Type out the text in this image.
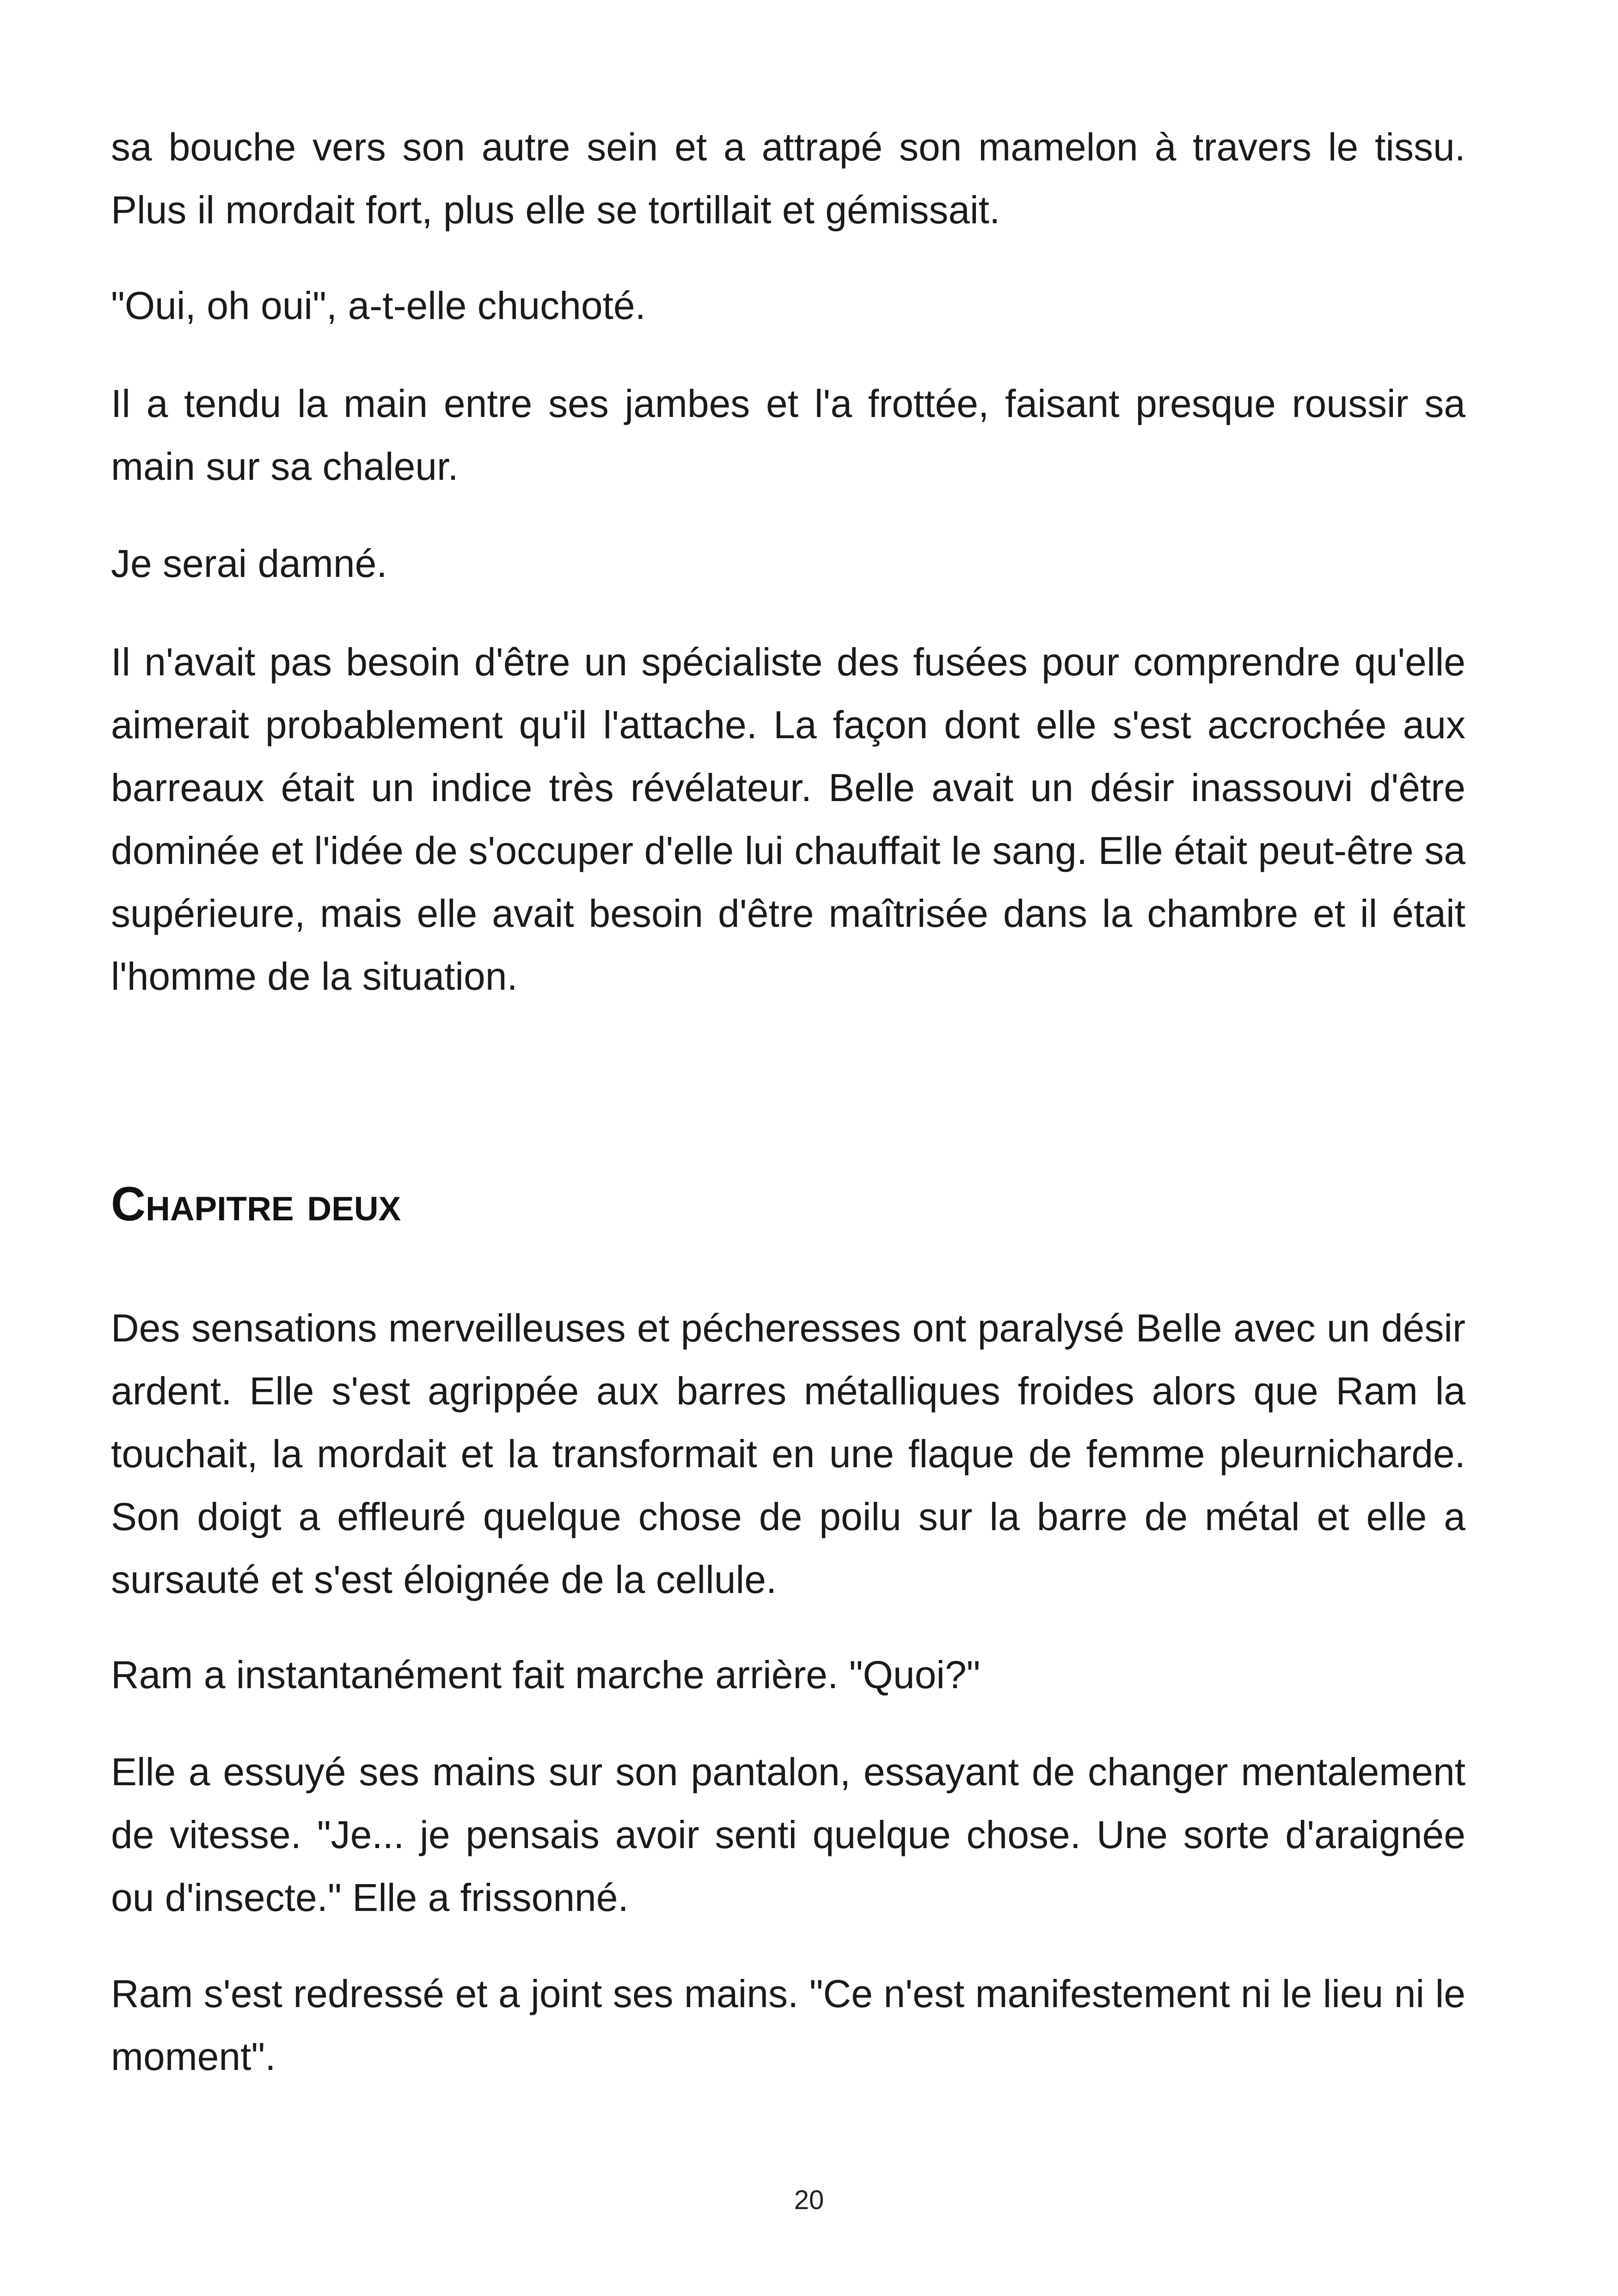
sa bouche vers son autre sein et a attrapé son mamelon à travers le tissu. Plus il mordait fort, plus elle se tortillait et gémissait.

"Oui, oh oui", a-t-elle chuchoté.

Il a tendu la main entre ses jambes et l'a frottée, faisant presque roussir sa main sur sa chaleur.

Je serai damné.

Il n'avait pas besoin d'être un spécialiste des fusées pour comprendre qu'elle aimerait probablement qu'il l'attache. La façon dont elle s'est accrochée aux barreaux était un indice très révélateur. Belle avait un désir inassouvi d'être dominée et l'idée de s'occuper d'elle lui chauffait le sang. Elle était peut-être sa supérieure, mais elle avait besoin d'être maîtrisée dans la chambre et il était l'homme de la situation.

Chapitre deux

Des sensations merveilleuses et pécheresses ont paralysé Belle avec un désir ardent. Elle s'est agrippée aux barres métalliques froides alors que Ram la touchait, la mordait et la transformait en une flaque de femme pleurnicharde. Son doigt a effleuré quelque chose de poilu sur la barre de métal et elle a sursauté et s'est éloignée de la cellule.

Ram a instantanément fait marche arrière. "Quoi?"

Elle a essuyé ses mains sur son pantalon, essayant de changer mentalement de vitesse. "Je... je pensais avoir senti quelque chose. Une sorte d'araignée ou d'insecte." Elle a frissonné.

Ram s'est redressé et a joint ses mains. "Ce n'est manifestement ni le lieu ni le moment".

20
